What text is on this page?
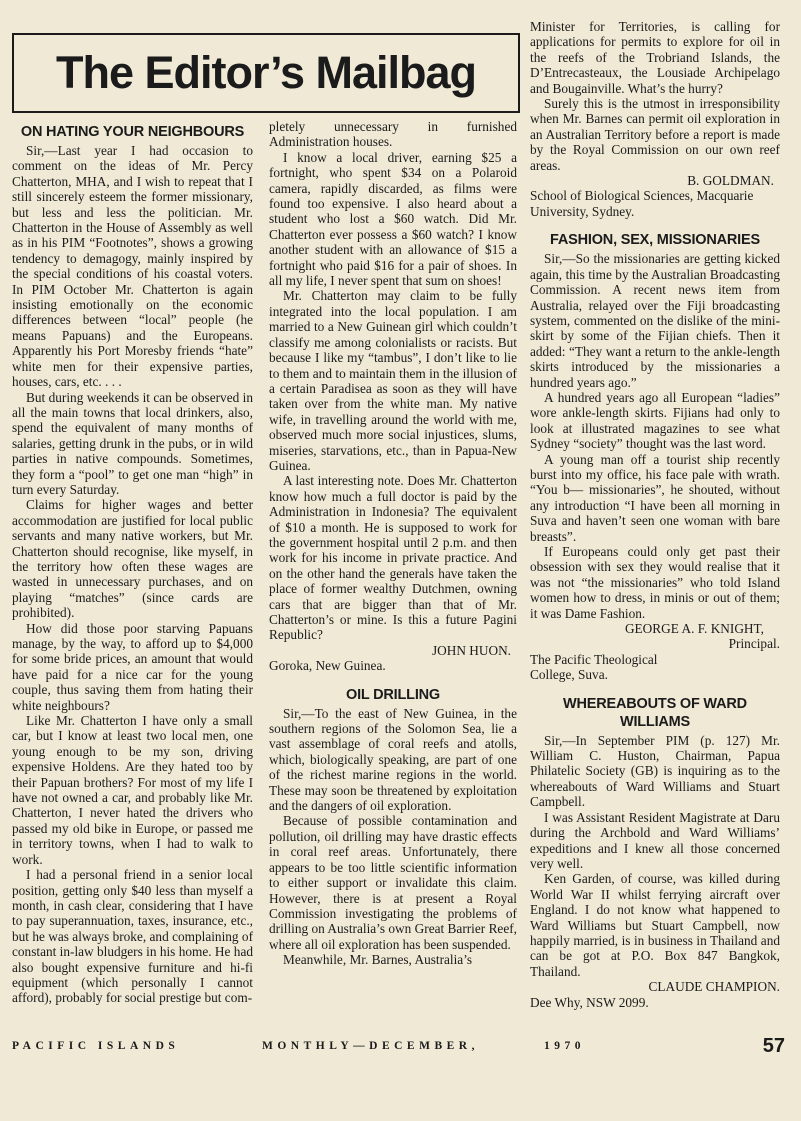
The Editor’s Mailbag
ON HATING YOUR NEIGHBOURS

Sir,—Last year I had occasion to comment on the ideas of Mr. Percy Chatterton, MHA, and I wish to repeat that I still sincerely esteem the former missionary, but less and less the politician. Mr. Chatterton in the House of Assembly as well as in his PIM “Footnotes”, shows a growing tendency to demagogy, mainly inspired by the special conditions of his coastal voters. In PIM October Mr. Chatterton is again insisting emotionally on the economic differences between “local” people (he means Papuans) and the Europeans. Apparently his Port Moresby friends “hate” white men for their expensive parties, houses, cars, etc. . . .

But during weekends it can be observed in all the main towns that local drinkers, also, spend the equivalent of many months of salaries, getting drunk in the pubs, or in wild parties in native compounds. Sometimes, they form a “pool” to get one man “high” in turn every Saturday.

Claims for higher wages and better accommodation are justified for local public servants and many native workers, but Mr. Chatterton should recognise, like myself, in the territory how often these wages are wasted in unnecessary purchases, and on playing “matches” (since cards are prohibited).

How did those poor starving Papuans manage, by the way, to afford up to $4,000 for some bride prices, an amount that would have paid for a nice car for the young couple, thus saving them from hating their white neighbours?

Like Mr. Chatterton I have only a small car, but I know at least two local men, one young enough to be my son, driving expensive Holdens. Are they hated too by their Papuan brothers? For most of my life I have not owned a car, and probably like Mr. Chatterton, I never hated the drivers who passed my old bike in Europe, or passed me in territory towns, when I had to walk to work.

I had a personal friend in a senior local position, getting only $40 less than myself a month, in cash clear, considering that I have to pay superannuation, taxes, insurance, etc., but he was always broke, and complaining of constant in-law bludgers in his home. He had also bought expensive furniture and hi-fi equipment (which personally I cannot afford), probably for social prestige but com-

pletely unnecessary in furnished Administration houses.

I know a local driver, earning $25 a fortnight, who spent $34 on a Polaroid camera, rapidly discarded, as films were found too expensive. I also heard about a student who lost a $60 watch. Did Mr. Chatterton ever possess a $60 watch? I know another student with an allowance of $15 a fortnight who paid $16 for a pair of shoes. In all my life, I never spent that sum on shoes!

Mr. Chatterton may claim to be fully integrated into the local population. I am married to a New Guinean girl which couldn’t classify me among colonialists or racists. But because I like my “tambus”, I don’t like to lie to them and to maintain them in the illusion of a certain Paradisea as soon as they will have taken over from the white man. My native wife, in travelling around the world with me, observed much more social injustices, slums, miseries, starvations, etc., than in Papua-New Guinea.

A last interesting note. Does Mr. Chatterton know how much a full doctor is paid by the Administration in Indonesia? The equivalent of $10 a month. He is supposed to work for the government hospital until 2 p.m. and then work for his income in private practice. And on the other hand the generals have taken the place of former wealthy Dutchmen, owning cars that are bigger than that of Mr. Chatterton’s or mine. Is this a future Pagini Republic?

JOHN HUON.

Goroka, New Guinea.

OIL DRILLING

Sir,—To the east of New Guinea, in the southern regions of the Solomon Sea, lie a vast assemblage of coral reefs and atolls, which, biologically speaking, are part of one of the richest marine regions in the world. These may soon be threatened by exploitation and the dangers of oil exploration.

Because of possible contamination and pollution, oil drilling may have drastic effects in coral reef areas. Unfortunately, there appears to be too little scientific information to either support or invalidate this claim. However, there is at present a Royal Commission investigating the problems of drilling on Australia’s own Great Barrier Reef, where all oil exploration has been suspended.

Meanwhile, Mr. Barnes, Australia’s

Minister for Territories, is calling for applications for permits to explore for oil in the reefs of the Trobriand Islands, the D’Entrecasteaux, the Lousiade Archipelago and Bougainville. What’s the hurry?

Surely this is the utmost in irresponsibility when Mr. Barnes can permit oil exploration in an Australian Territory before a report is made by the Royal Commission on our own reef areas.

B. GOLDMAN.

School of Biological Sciences, Macquarie University, Sydney.

FASHION, SEX, MISSIONARIES

Sir,—So the missionaries are getting kicked again, this time by the Australian Broadcasting Commission. A recent news item from Australia, relayed over the Fiji broadcasting system, commented on the dislike of the mini-skirt by some of the Fijian chiefs. Then it added: “They want a return to the ankle-length skirts introduced by the missionaries a hundred years ago.”

A hundred years ago all European “ladies” wore ankle-length skirts. Fijians had only to look at illustrated magazines to see what Sydney “society” thought was the last word.

A young man off a tourist ship recently burst into my office, his face pale with wrath. “You b— missionaries”, he shouted, without any introduction “I have been all morning in Suva and haven’t seen one woman with bare breasts”.

If Europeans could only get past their obsession with sex they would realise that it was not “the missionaries” who told Island women how to dress, in minis or out of them; it was Dame Fashion.

GEORGE A. F. KNIGHT,

Principal.

The Pacific Theological College, Suva.

WHEREABOUTS OF WARD WILLIAMS

Sir,—In September PIM (p. 127) Mr. William C. Huston, Chairman, Papua Philatelic Society (GB) is inquiring as to the whereabouts of Ward Williams and Stuart Campbell.

I was Assistant Resident Magistrate at Daru during the Archbold and Ward Williams’ expeditions and I knew all those concerned very well.

Ken Garden, of course, was killed during World War II whilst ferrying aircraft over England. I do not know what happened to Ward Williams but Stuart Campbell, now happily married, is in business in Thailand and can be got at P.O. Box 847 Bangkok, Thailand.

CLAUDE CHAMPION.

Dee Why, NSW 2099.

PACIFIC ISLANDS	MONTHLY—DECEMBER,	1970	57
